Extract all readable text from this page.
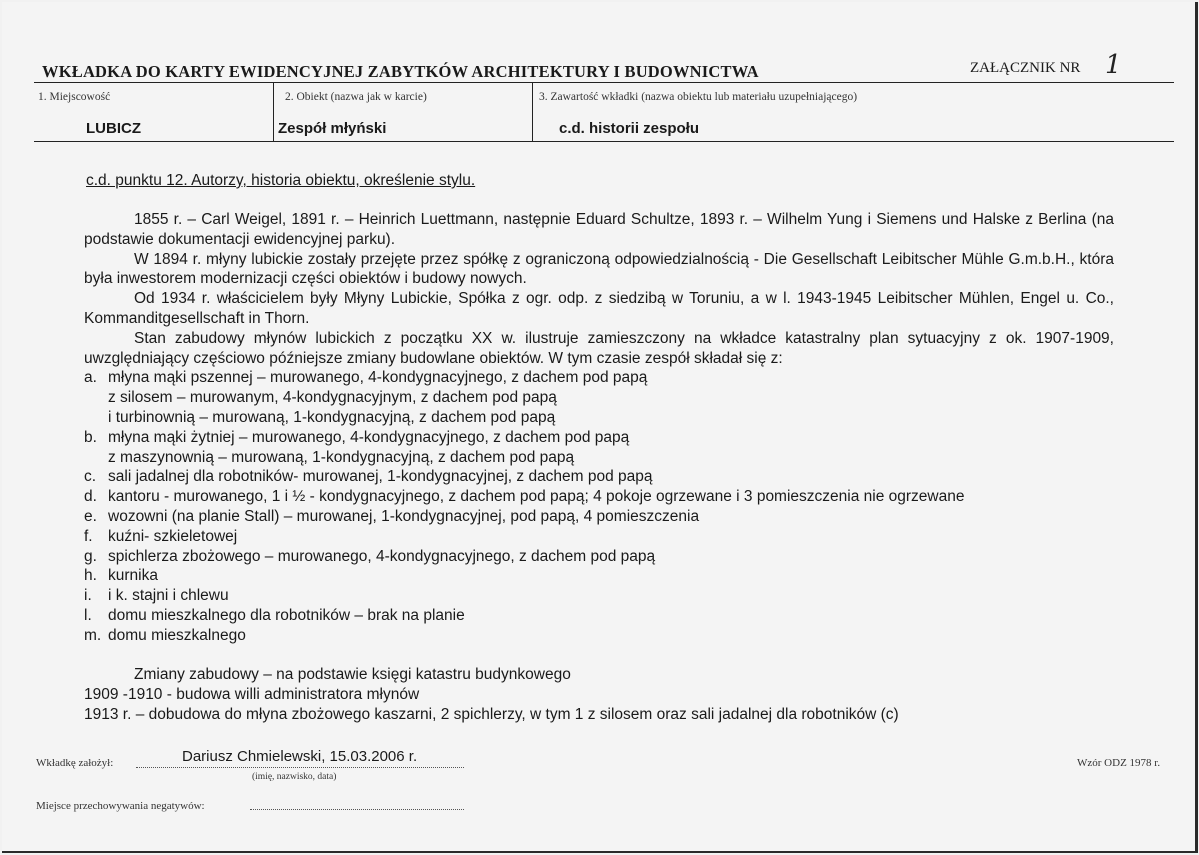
WKŁADKA DO KARTY EWIDENCYJNEJ ZABYTKÓW ARCHITEKTURY I BUDOWNICTWA	ZAŁĄCZNIK NR 1
1. Miejscowość
LUBICZ
2. Obiekt (nazwa jak w karcie)
Zespół młyński
3. Zawartość wkładki (nazwa obiektu lub materiału uzupełniającego)
c.d. historii zespołu
c.d. punktu 12. Autorzy, historia obiektu, określenie stylu.

1855 r. – Carl Weigel, 1891 r. – Heinrich Luettmann, następnie Eduard Schultze, 1893 r. – Wilhelm Yung i Siemens und Halske z Berlina (na podstawie dokumentacji ewidencyjnej parku).

W 1894 r. młyny lubickie zostały przejęte przez spółkę z ograniczoną odpowiedzialnością - Die Gesellschaft Leibitscher Mühle G.m.b.H., która była inwestorem modernizacji części obiektów i budowy nowych.

Od 1934 r. właścicielem były Młyny Lubickie, Spółka z ogr. odp. z siedzibą w Toruniu, a w l. 1943-1945 Leibitscher Mühlen, Engel u. Co., Kommanditgesellschaft in Thorn.

Stan zabudowy młynów lubickich z początku XX w. ilustruje zamieszczony na wkładce katastralny plan sytuacyjny z ok. 1907-1909, uwzględniający częściowo późniejsze zmiany budowlane obiektów. W tym czasie zespół składał się z:

a. młyna mąki pszennej – murowanego, 4-kondygnacyjnego, z dachem pod papą

z silosem – murowanym, 4-kondygnacyjnym, z dachem pod papą

i turbinownią – murowaną, 1-kondygnacyjną, z dachem pod papą

b. młyna mąki żytniej – murowanego, 4-kondygnacyjnego, z dachem pod papą

z maszynownią – murowaną, 1-kondygnacyjną, z dachem pod papą

c. sali jadalnej dla robotników- murowanej, 1-kondygnacyjnej, z dachem pod papą

d. kantoru - murowanego, 1 i ½ - kondygnacyjnego, z dachem pod papą; 4 pokoje ogrzewane i 3 pomieszczenia nie ogrzewane

e. wozowni (na planie Stall) – murowanej, 1-kondygnacyjnej, pod papą, 4 pomieszczenia

f. kuźni- szkieletowej

g. spichlerza zbożowego – murowanego, 4-kondygnacyjnego, z dachem pod papą

h. kurnika

i. i k. stajni i chlewu

l. domu mieszkalnego dla robotników – brak na planie

m. domu mieszkalnego

Zmiany zabudowy – na podstawie księgi katastru budynkowego

1909 -1910 - budowa willi administratora młynów

1913 r. – dobudowa do młyna zbożowego kaszarni, 2 spichlerzy, w tym 1 z silosem oraz sali jadalnej dla robotników (c)

Wkładkę założył:	Dariusz Chmielewski, 15.03.2006 r.
(imię, nazwisko, data)
Wzór ODZ 1978 r.
Miejsce przechowywania negatywów:
